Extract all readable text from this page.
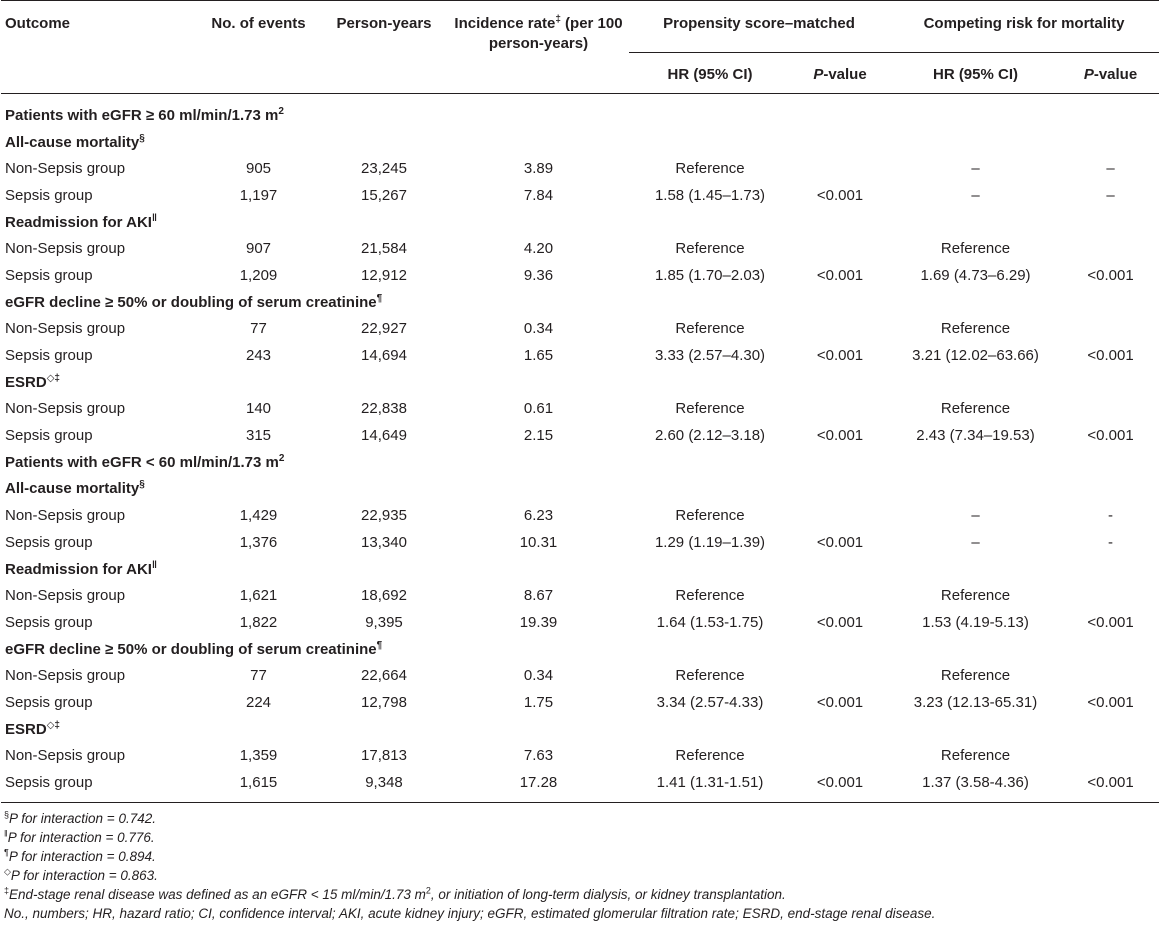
Outcome	No. of events	Person-years	Incidence rate‡ (per 100 person-years)	Propensity score–matched		Competing risk for mortality	
				HR (95% CI)	P-value	HR (95% CI)	P-value
Patients with eGFR ≥ 60 ml/min/1.73 $m^2$
All-cause mortality§
Non-Sepsis group	905	23,245	3.89	Reference		–	–
Sepsis group	1,197	15,267	7.84	1.58 (1.45–1.73)	<0.001	–	–
Readmission for AKI‖
Non-Sepsis group	907	21,584	4.20	Reference		Reference	
Sepsis group	1,209	12,912	9.36	1.85 (1.70–2.03)	<0.001	1.69 (4.73–6.29)	<0.001
eGFR decline ≥ 50% or doubling of serum creatinine¶
Non-Sepsis group	77	22,927	0.34	Reference		Reference	
Sepsis group	243	14,694	1.65	3.33 (2.57–4.30)	<0.001	3.21 (12.02–63.66)	<0.001
ESRD◇‡
Non-Sepsis group	140	22,838	0.61	Reference		Reference	
Sepsis group	315	14,649	2.15	2.60 (2.12–3.18)	<0.001	2.43 (7.34–19.53)	<0.001
Patients with eGFR < 60 ml/min/1.73 $m^2$
All-cause mortality§
Non-Sepsis group	1,429	22,935	6.23	Reference		–	-
Sepsis group	1,376	13,340	10.31	1.29 (1.19–1.39)	<0.001	–	-
Readmission for AKI‖
Non-Sepsis group	1,621	18,692	8.67	Reference		Reference	
Sepsis group	1,822	9,395	19.39	1.64 (1.53-1.75)	<0.001	1.53 (4.19-5.13)	<0.001
eGFR decline ≥ 50% or doubling of serum creatinine¶
Non-Sepsis group	77	22,664	0.34	Reference		Reference	
Sepsis group	224	12,798	1.75	3.34 (2.57-4.33)	<0.001	3.23 (12.13-65.31)	<0.001
ESRD◇‡
Non-Sepsis group	1,359	17,813	7.63	Reference		Reference	
Sepsis group	1,615	9,348	17.28	1.41 (1.31-1.51)	<0.001	1.37 (3.58-4.36)	<0.001
§P for interaction = 0.742.
‖P for interaction = 0.776.
¶P for interaction = 0.894.
◇P for interaction = 0.863.
‡End-stage renal disease was defined as an eGFR < 15 ml/min/1.73 $m^2$, or initiation of long-term dialysis, or kidney transplantation.
No., numbers; HR, hazard ratio; CI, confidence interval; AKI, acute kidney injury; eGFR, estimated glomerular filtration rate; ESRD, end-stage renal disease.
